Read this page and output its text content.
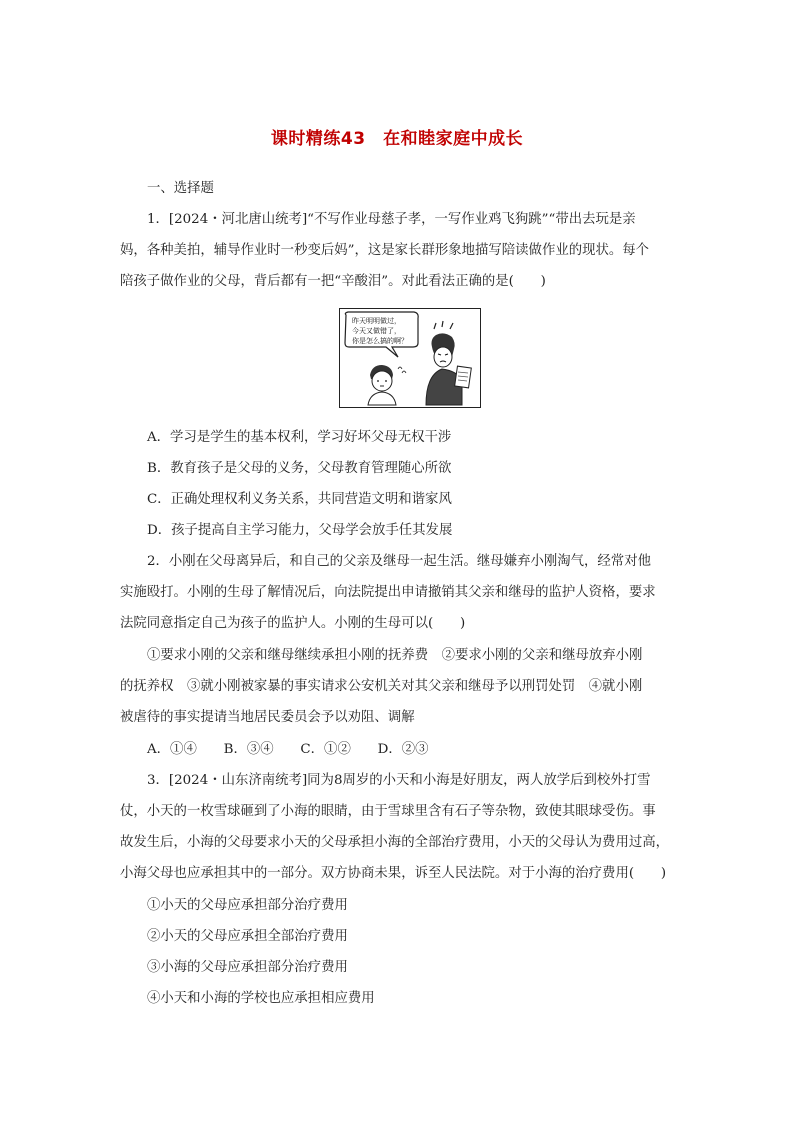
课时精练43　在和睦家庭中成长
一、选择题
1．[2024・河北唐山统考]“不写作业母慈子孝，一写作业鸡飞狗跳”“带出去玩是亲
妈，各种美拍，辅导作业时一秒变后妈”，这是家长群形象地描写陪读做作业的现状。每个
陪孩子做作业的父母，背后都有一把“辛酸泪”。对此看法正确的是(　　)
昨天明明做过，
今天又做错了，
你是怎么搞的啊？
A．学习是学生的基本权利，学习好坏父母无权干涉
B．教育孩子是父母的义务，父母教育管理随心所欲
C．正确处理权利义务关系，共同营造文明和谐家风
D．孩子提高自主学习能力，父母学会放手任其发展
2．小刚在父母离异后，和自己的父亲及继母一起生活。继母嫌弃小刚淘气，经常对他
实施殴打。小刚的生母了解情况后，向法院提出申请撤销其父亲和继母的监护人资格，要求
法院同意指定自己为孩子的监护人。小刚的生母可以(　　)
①要求小刚的父亲和继母继续承担小刚的抚养费　②要求小刚的父亲和继母放弃小刚
的抚养权　③就小刚被家暴的事实请求公安机关对其父亲和继母予以刑罚处罚　④就小刚
被虐待的事实提请当地居民委员会予以劝阻、调解
A．①④　　B．③④　　C．①②　　D．②③
3．[2024・山东济南统考]同为8周岁的小天和小海是好朋友，两人放学后到校外打雪
仗，小天的一枚雪球砸到了小海的眼睛，由于雪球里含有石子等杂物，致使其眼球受伤。事
故发生后，小海的父母要求小天的父母承担小海的全部治疗费用，小天的父母认为费用过高，
小海父母也应承担其中的一部分。双方协商未果，诉至人民法院。对于小海的治疗费用(　　)
①小天的父母应承担部分治疗费用
②小天的父母应承担全部治疗费用
③小海的父母应承担部分治疗费用
④小天和小海的学校也应承担相应费用
